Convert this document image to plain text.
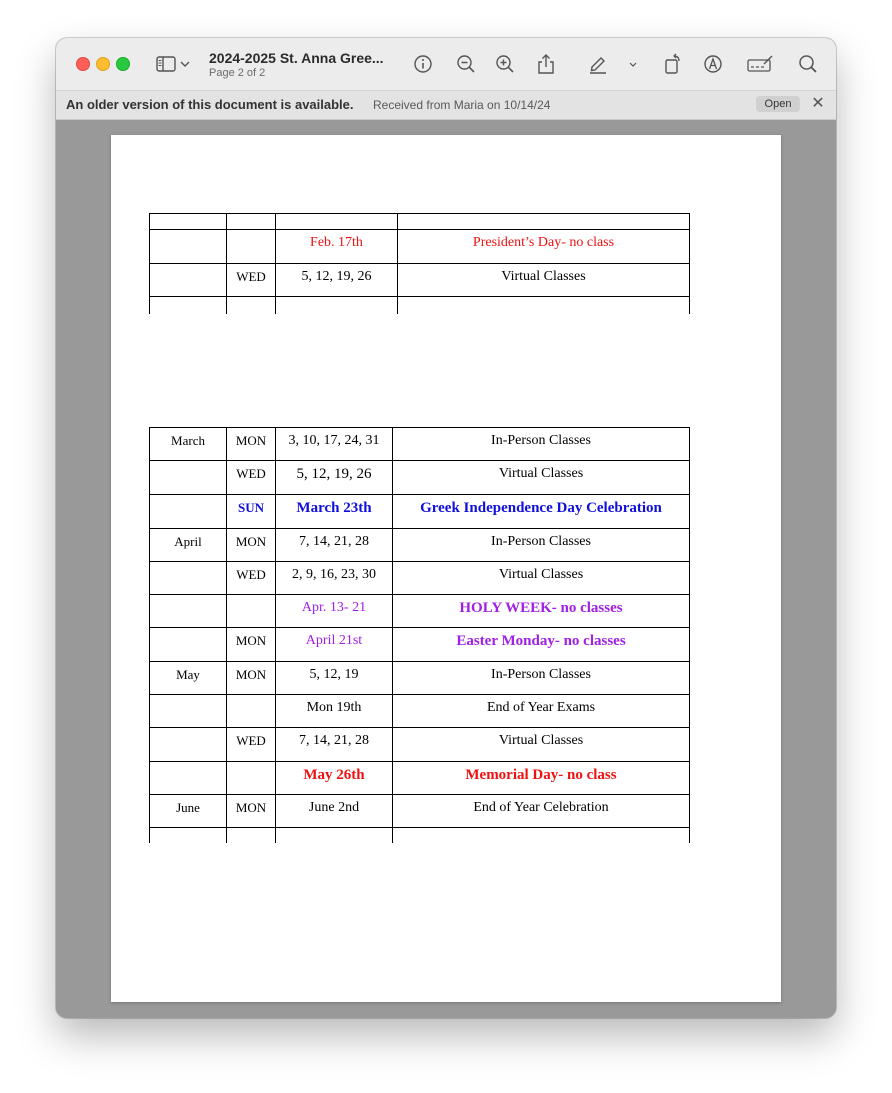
2024-2025 St. Anna Gree...
Page 2 of 2
An older version of this document is available. Received from Maria on 10/14/24	Open	✕

		Feb. 17th	President’s Day- no class

	WED	5, 12, 19, 26	Virtual Classes

March	MON	3, 10, 17, 24, 31	In-Person Classes

	WED	5, 12, 19, 26	Virtual Classes

	SUN	March 23th	Greek Independence Day Celebration

April	MON	7, 14, 21, 28	In-Person Classes

	WED	2, 9, 16, 23, 30	Virtual Classes

		Apr. 13- 21	HOLY WEEK- no classes

	MON	April 21st	Easter Monday- no classes

May	MON	5, 12, 19	In-Person Classes

		Mon 19th	End of Year Exams

	WED	7, 14, 21, 28	Virtual Classes

		May 26th	Memorial Day- no class

June	MON	June 2nd	End of Year Celebration
